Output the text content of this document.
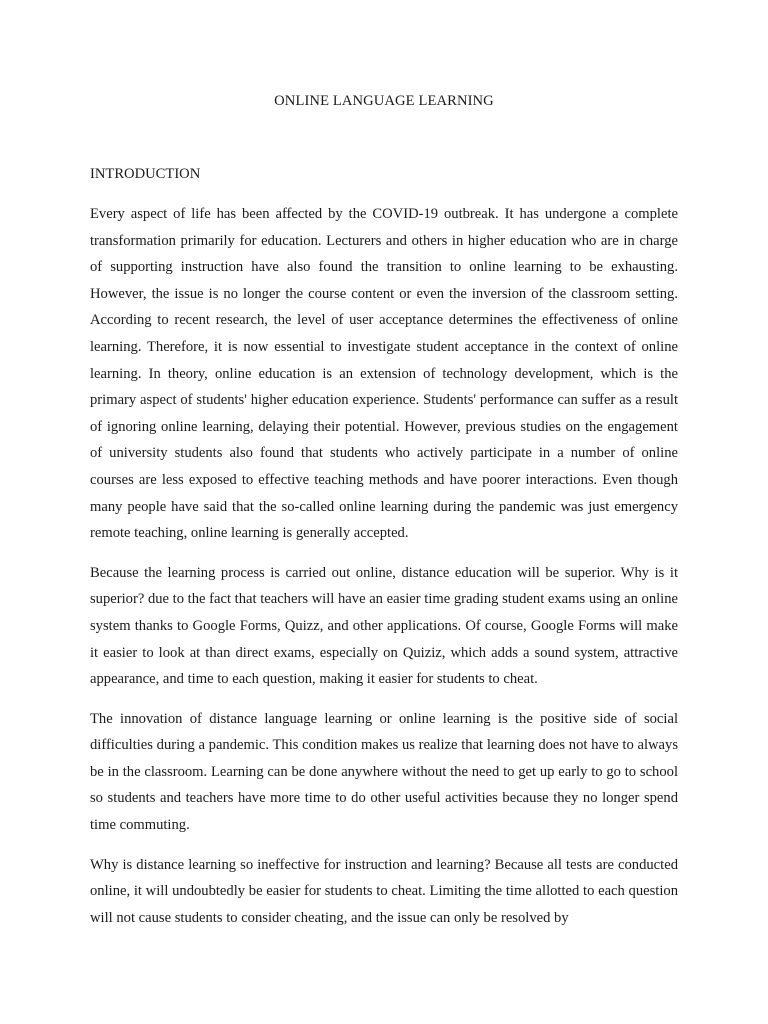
ONLINE LANGUAGE LEARNING
INTRODUCTION

Every aspect of life has been affected by the COVID-19 outbreak. It has undergone a complete transformation primarily for education. Lecturers and others in higher education who are in charge of supporting instruction have also found the transition to online learning to be exhausting. However, the issue is no longer the course content or even the inversion of the classroom setting. According to recent research, the level of user acceptance determines the effectiveness of online learning. Therefore, it is now essential to investigate student acceptance in the context of online learning. In theory, online education is an extension of technology development, which is the primary aspect of students' higher education experience. Students' performance can suffer as a result of ignoring online learning, delaying their potential. However, previous studies on the engagement of university students also found that students who actively participate in a number of online courses are less exposed to effective teaching methods and have poorer interactions. Even though many people have said that the so-called online learning during the pandemic was just emergency remote teaching, online learning is generally accepted.

Because the learning process is carried out online, distance education will be superior. Why is it superior? due to the fact that teachers will have an easier time grading student exams using an online system thanks to Google Forms, Quizz, and other applications. Of course, Google Forms will make it easier to look at than direct exams, especially on Quiziz, which adds a sound system, attractive appearance, and time to each question, making it easier for students to cheat.

The innovation of distance language learning or online learning is the positive side of social difficulties during a pandemic. This condition makes us realize that learning does not have to always be in the classroom. Learning can be done anywhere without the need to get up early to go to school so students and teachers have more time to do other useful activities because they no longer spend time commuting.

Why is distance learning so ineffective for instruction and learning? Because all tests are conducted online, it will undoubtedly be easier for students to cheat. Limiting the time allotted to each question will not cause students to consider cheating, and the issue can only be resolved by
